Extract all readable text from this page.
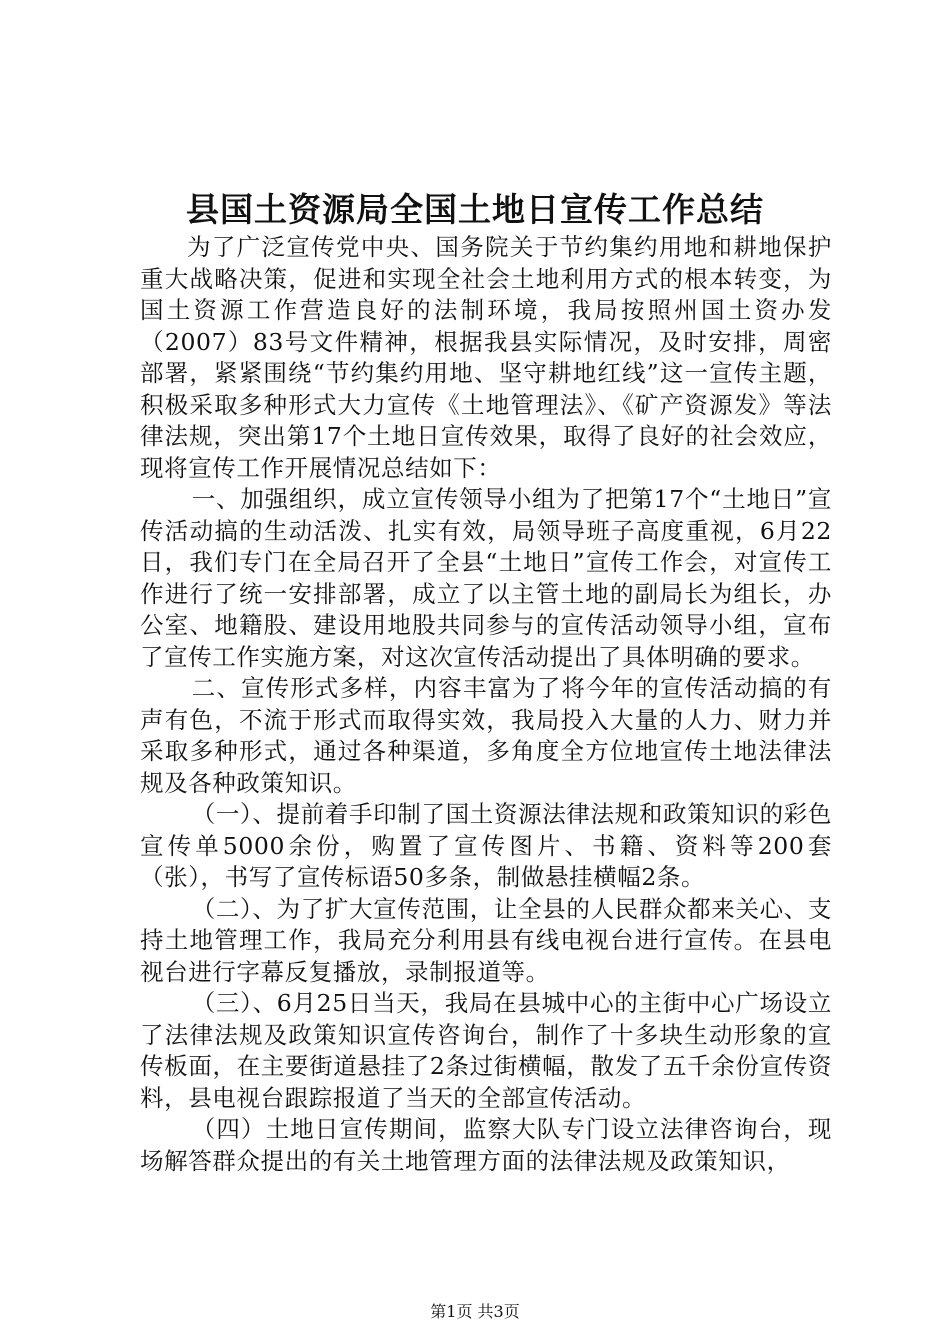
县国土资源局全国土地日宣传工作总结

为了广泛宣传党中央、国务院关于节约集约用地和耕地保护重大战略决策，促进和实现全社会土地利用方式的根本转变，为国土资源工作营造良好的法制环境，我局按照州国土资办发（2007）83号文件精神，根据我县实际情况，及时安排，周密部署，紧紧围绕“节约集约用地、坚守耕地红线”这一宣传主题，积极采取多种形式大力宣传《土地管理法》、《矿产资源发》等法律法规，突出第17个土地日宣传效果，取得了良好的社会效应，现将宣传工作开展情况总结如下：

一、加强组织，成立宣传领导小组为了把第17个“土地日”宣传活动搞的生动活泼、扎实有效，局领导班子高度重视，6月22日，我们专门在全局召开了全县“土地日”宣传工作会，对宣传工作进行了统一安排部署，成立了以主管土地的副局长为组长，办公室、地籍股、建设用地股共同参与的宣传活动领导小组，宣布了宣传工作实施方案，对这次宣传活动提出了具体明确的要求。

二、宣传形式多样，内容丰富为了将今年的宣传活动搞的有声有色，不流于形式而取得实效，我局投入大量的人力、财力并采取多种形式，通过各种渠道，多角度全方位地宣传土地法律法规及各种政策知识。

（一）、提前着手印制了国土资源法律法规和政策知识的彩色宣传单5000余份，购置了宣传图片、书籍、资料等200套（张），书写了宣传标语50多条，制做悬挂横幅2条。

（二）、为了扩大宣传范围，让全县的人民群众都来关心、支持土地管理工作，我局充分利用县有线电视台进行宣传。在县电视台进行字幕反复播放，录制报道等。

（三）、6月25日当天，我局在县城中心的主街中心广场设立了法律法规及政策知识宣传咨询台，制作了十多块生动形象的宣传板面，在主要街道悬挂了2条过街横幅，散发了五千余份宣传资料，县电视台跟踪报道了当天的全部宣传活动。

（四）土地日宣传期间，监察大队专门设立法律咨询台，现场解答群众提出的有关土地管理方面的法律法规及政策知识，

第1页 共3页
